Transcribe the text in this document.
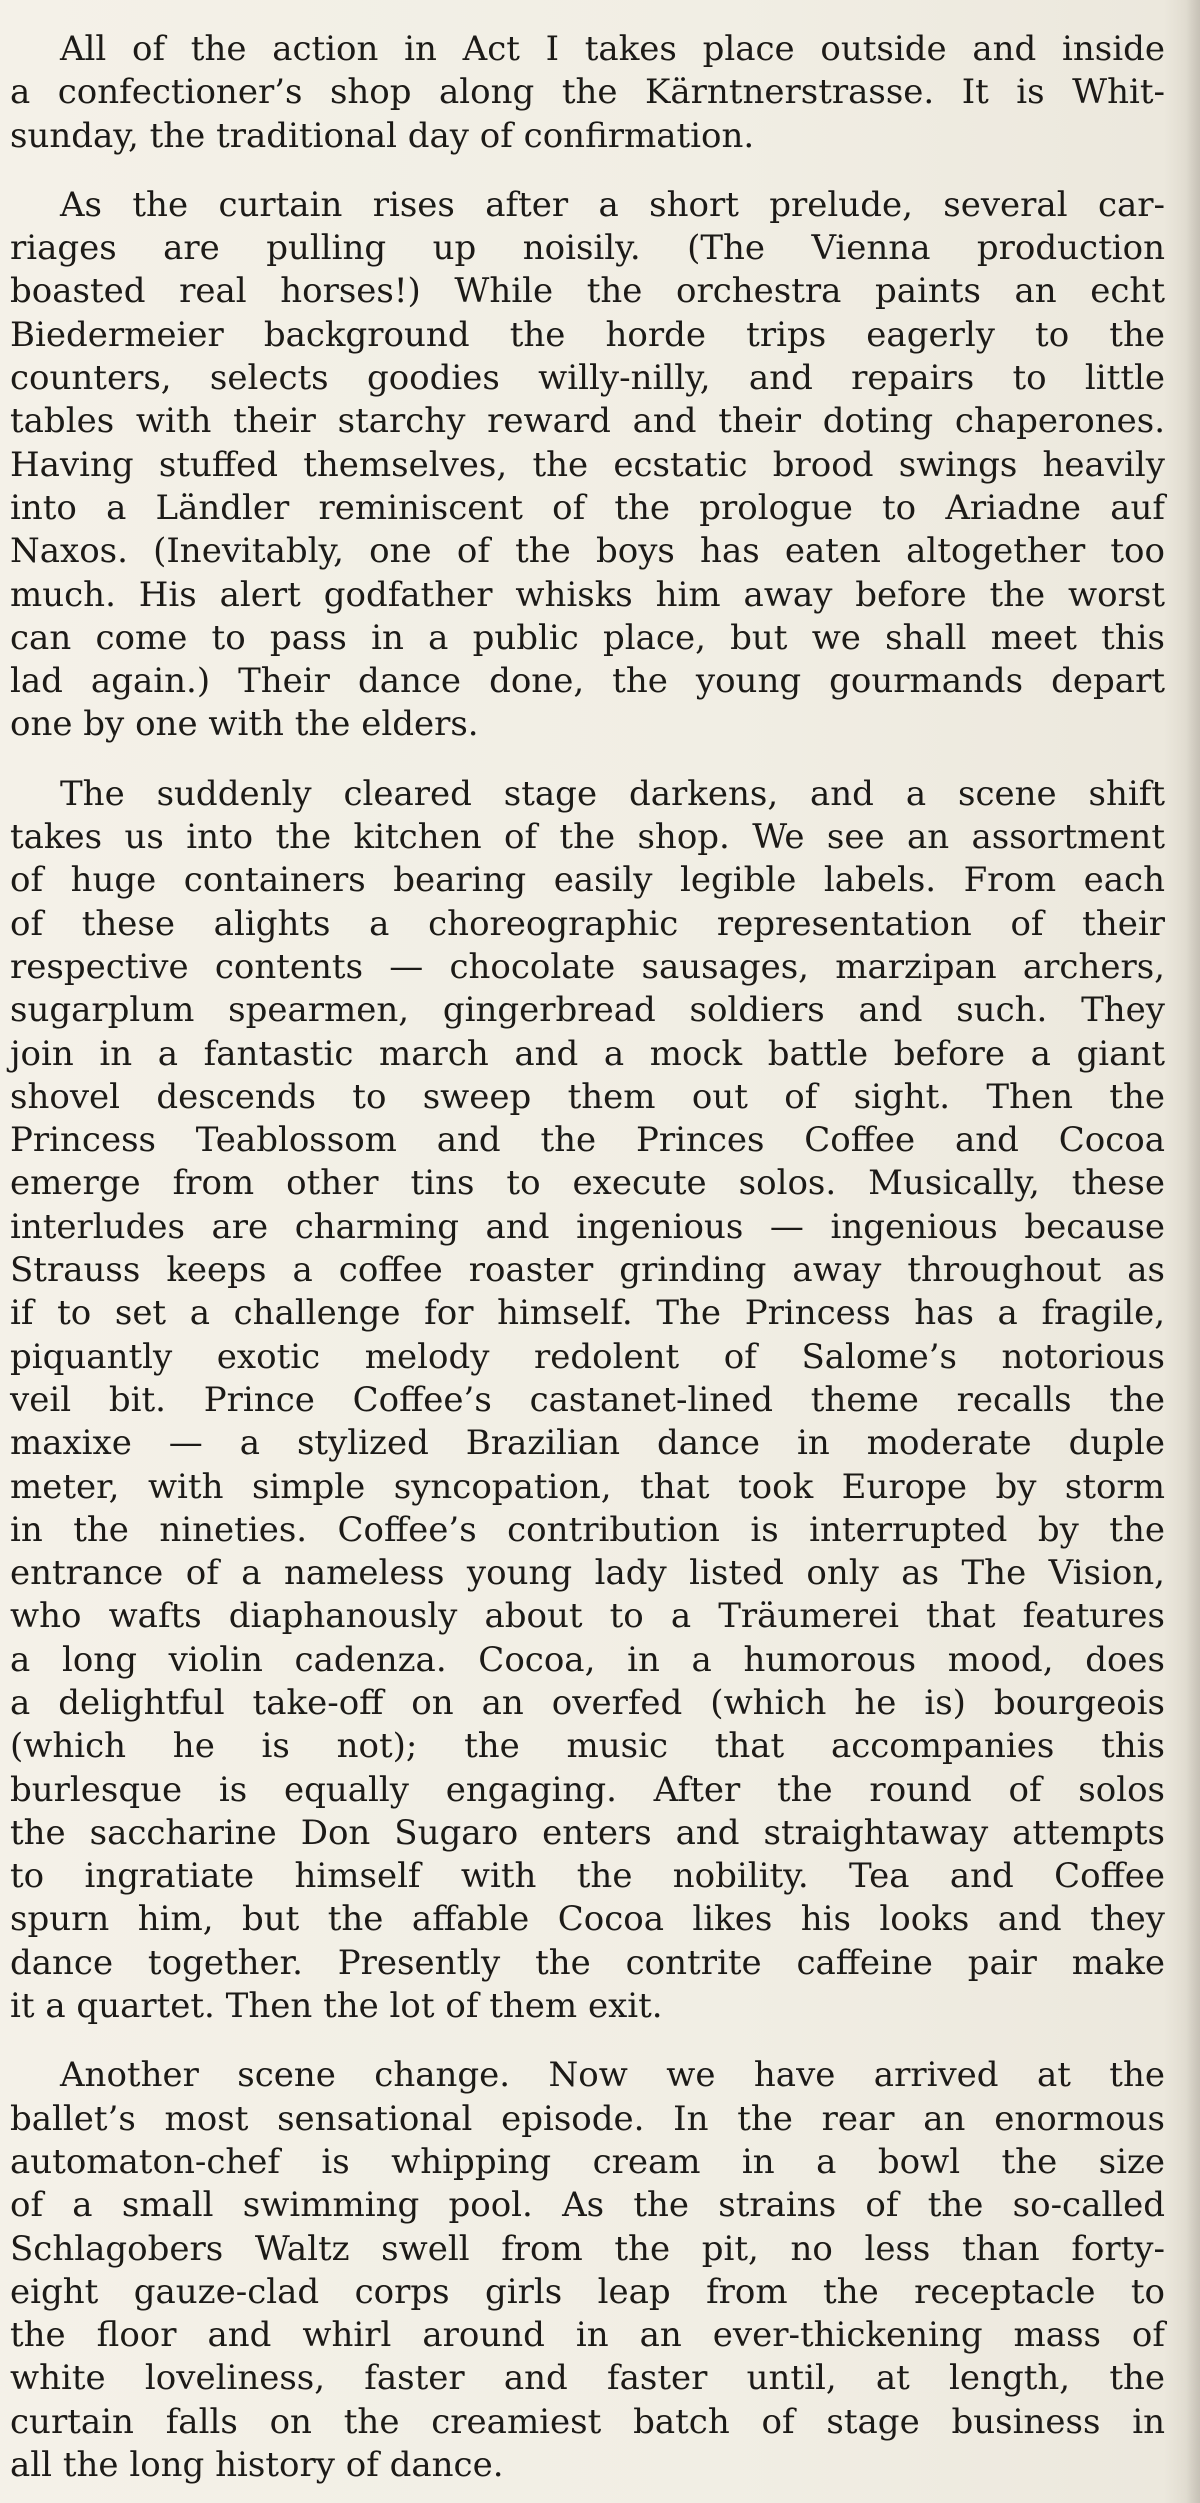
All of the action in Act I takes place outside and inside
a confectioner’s shop along the Kärntnerstrasse. It is Whit-
sunday, the traditional day of confirmation.
As the curtain rises after a short prelude, several car-
riages are pulling up noisily. (The Vienna production
boasted real horses!) While the orchestra paints an echt
Biedermeier background the horde trips eagerly to the
counters, selects goodies willy-nilly, and repairs to little
tables with their starchy reward and their doting chaperones.
Having stuffed themselves, the ecstatic brood swings heavily
into a Ländler reminiscent of the prologue to Ariadne auf
Naxos. (Inevitably, one of the boys has eaten altogether too
much. His alert godfather whisks him away before the worst
can come to pass in a public place, but we shall meet this
lad again.) Their dance done, the young gourmands depart
one by one with the elders.
The suddenly cleared stage darkens, and a scene shift
takes us into the kitchen of the shop. We see an assortment
of huge containers bearing easily legible labels. From each
of these alights a choreographic representation of their
respective contents — chocolate sausages, marzipan archers,
sugarplum spearmen, gingerbread soldiers and such. They
join in a fantastic march and a mock battle before a giant
shovel descends to sweep them out of sight. Then the
Princess Teablossom and the Princes Coffee and Cocoa
emerge from other tins to execute solos. Musically, these
interludes are charming and ingenious — ingenious because
Strauss keeps a coffee roaster grinding away throughout as
if to set a challenge for himself. The Princess has a fragile,
piquantly exotic melody redolent of Salome’s notorious
veil bit. Prince Coffee’s castanet-lined theme recalls the
maxixe — a stylized Brazilian dance in moderate duple
meter, with simple syncopation, that took Europe by storm
in the nineties. Coffee’s contribution is interrupted by the
entrance of a nameless young lady listed only as The Vision,
who wafts diaphanously about to a Träumerei that features
a long violin cadenza. Cocoa, in a humorous mood, does
a delightful take-off on an overfed (which he is) bourgeois
(which he is not); the music that accompanies this
burlesque is equally engaging. After the round of solos
the saccharine Don Sugaro enters and straightaway attempts
to ingratiate himself with the nobility. Tea and Coffee
spurn him, but the affable Cocoa likes his looks and they
dance together. Presently the contrite caffeine pair make
it a quartet. Then the lot of them exit.
Another scene change. Now we have arrived at the
ballet’s most sensational episode. In the rear an enormous
automaton-chef is whipping cream in a bowl the size
of a small swimming pool. As the strains of the so-called
Schlagobers Waltz swell from the pit, no less than forty-
eight gauze-clad corps girls leap from the receptacle to
the floor and whirl around in an ever-thickening mass of
white loveliness, faster and faster until, at length, the
curtain falls on the creamiest batch of stage business in
all the long history of dance.
